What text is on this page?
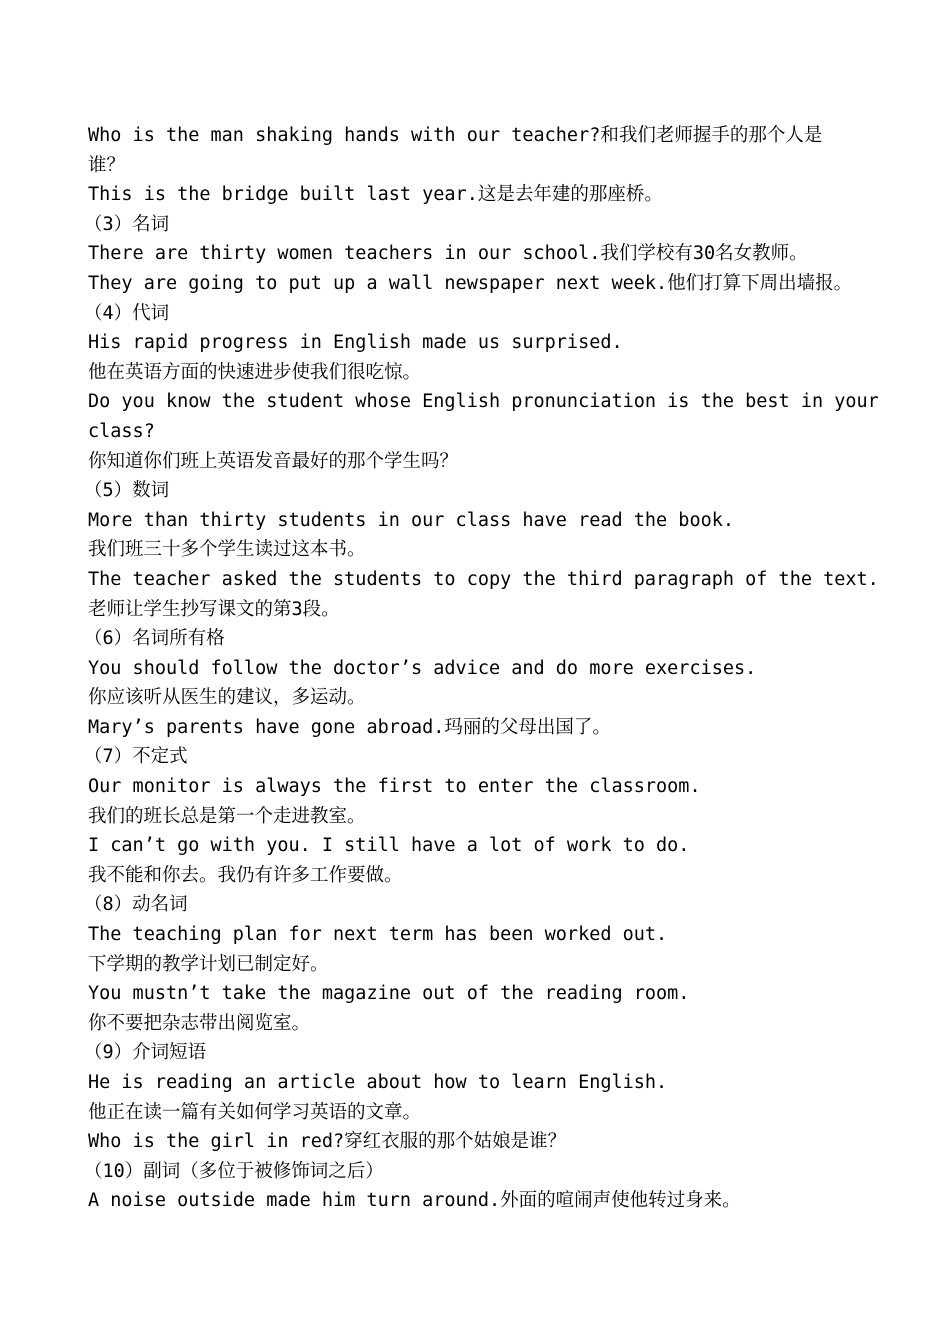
Who is the man shaking hands with our teacher?和我们老师握手的那个人是
谁？
This is the bridge built last year.这是去年建的那座桥。
（3）名词
There are thirty women teachers in our school.我们学校有30名女教师。
They are going to put up a wall newspaper next week.他们打算下周出墙报。
（4）代词
His rapid progress in English made us surprised.
他在英语方面的快速进步使我们很吃惊。
Do you know the student whose English pronunciation is the best in your
class?
你知道你们班上英语发音最好的那个学生吗？
（5）数词
More than thirty students in our class have read the book.
我们班三十多个学生读过这本书。
The teacher asked the students to copy the third paragraph of the text.
老师让学生抄写课文的第3段。
（6）名词所有格
You should follow the doctor’s advice and do more exercises.
你应该听从医生的建议，多运动。
Mary’s parents have gone abroad.玛丽的父母出国了。
（7）不定式
Our monitor is always the first to enter the classroom.
我们的班长总是第一个走进教室。
I can’t go with you. I still have a lot of work to do.
我不能和你去。我仍有许多工作要做。
（8）动名词
The teaching plan for next term has been worked out.
下学期的教学计划已制定好。
You mustn’t take the magazine out of the reading room.
你不要把杂志带出阅览室。
（9）介词短语
He is reading an article about how to learn English.
他正在读一篇有关如何学习英语的文章。
Who is the girl in red?穿红衣服的那个姑娘是谁？
（10）副词（多位于被修饰词之后）
A noise outside made him turn around.外面的喧闹声使他转过身来。
